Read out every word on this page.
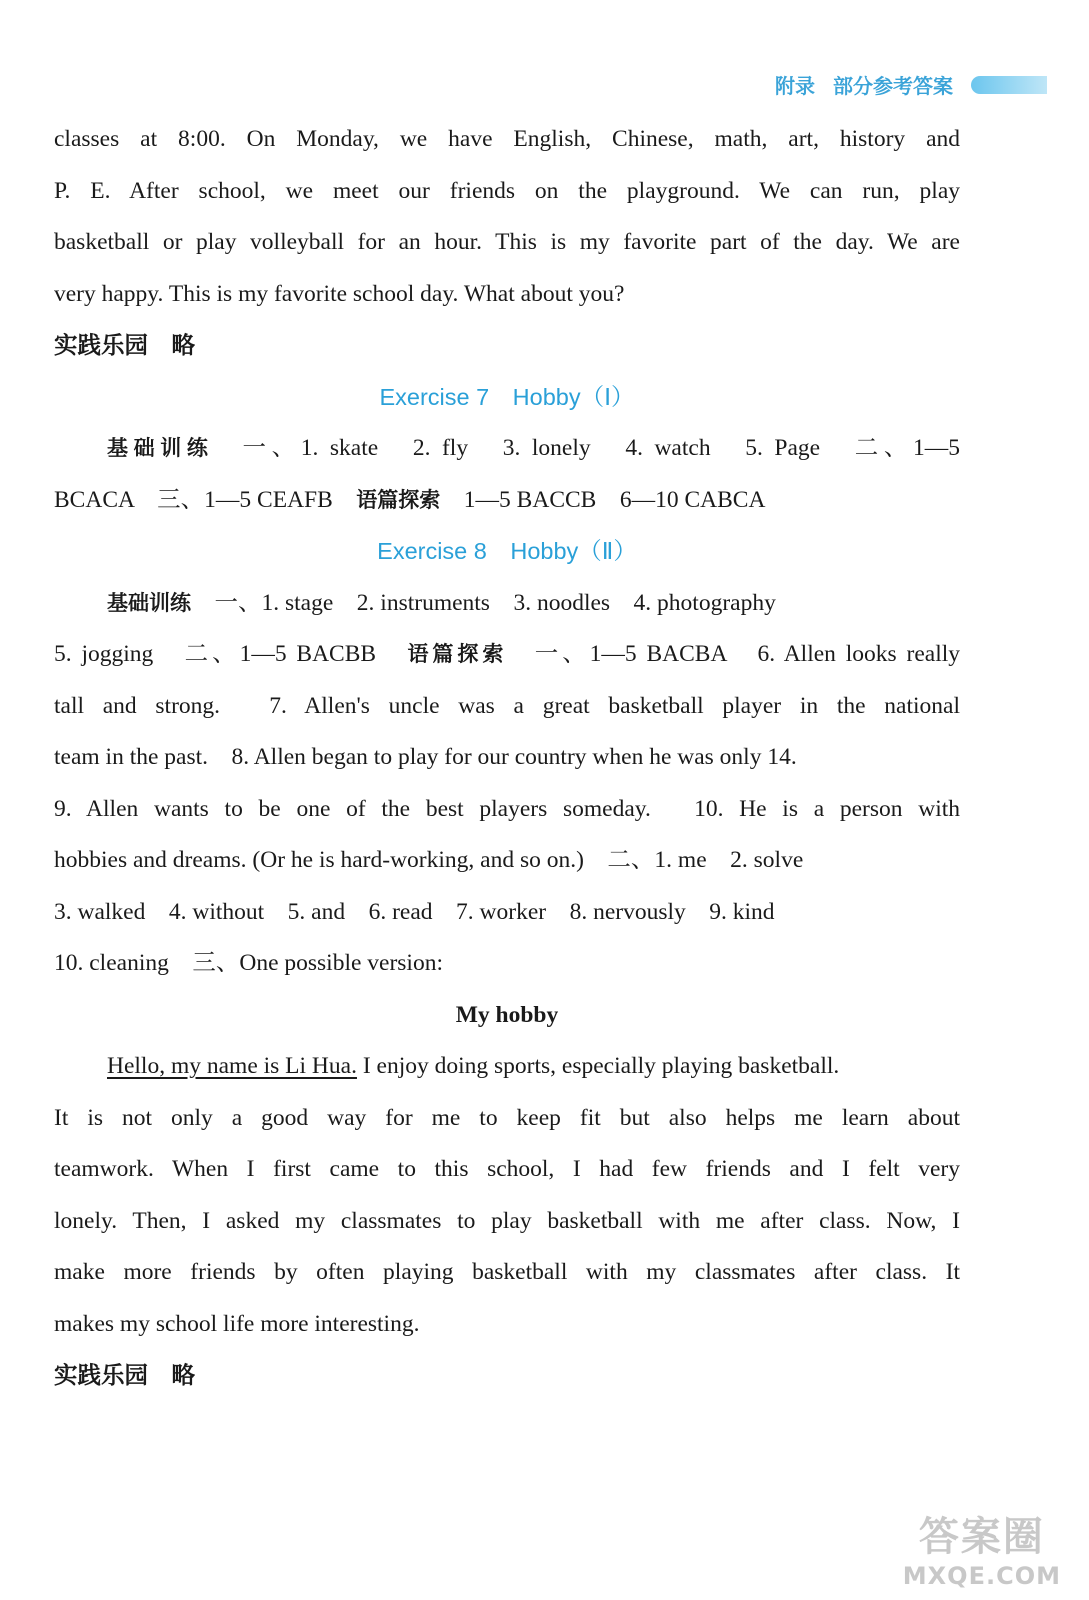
附录 部分参考答案

classes at 8:00. On Monday, we have English, Chinese, math, art, history and

P. E. After school, we meet our friends on the playground. We can run, play

basketball or play volleyball for an hour. This is my favorite part of the day. We are

very happy. This is my favorite school day. What about you?

实践乐园　略

Exercise 7　Hobby（Ⅰ）

基础训练　一、1. skate　2. fly　3. lonely　4. watch　5. Page　二、1—5

BCACA　三、1—5 CEAFB　语篇探索　1—5 BACCB　6—10 CABCA

Exercise 8　Hobby（Ⅱ）

基础训练　一、1. stage　2. instruments　3. noodles　4. photography

5. jogging　二、1—5 BACBB　语篇探索　一、1—5 BACBA　6. Allen looks really

tall and strong.　7. Allen's uncle was a great basketball player in the national

team in the past.　8. Allen began to play for our country when he was only 14.

9. Allen wants to be one of the best players someday.　10. He is a person with

hobbies and dreams. (Or he is hard-working, and so on.)　二、1. me　2. solve

3. walked　4. without　5. and　6. read　7. worker　8. nervously　9. kind

10. cleaning　三、One possible version:

My hobby

Hello, my name is Li Hua. I enjoy doing sports, especially playing basketball.

It is not only a good way for me to keep fit but also helps me learn about

teamwork. When I first came to this school, I had few friends and I felt very

lonely. Then, I asked my classmates to play basketball with me after class. Now, I

make more friends by often playing basketball with my classmates after class. It

makes my school life more interesting.

实践乐园　略

答案圈
MXQE.COM
